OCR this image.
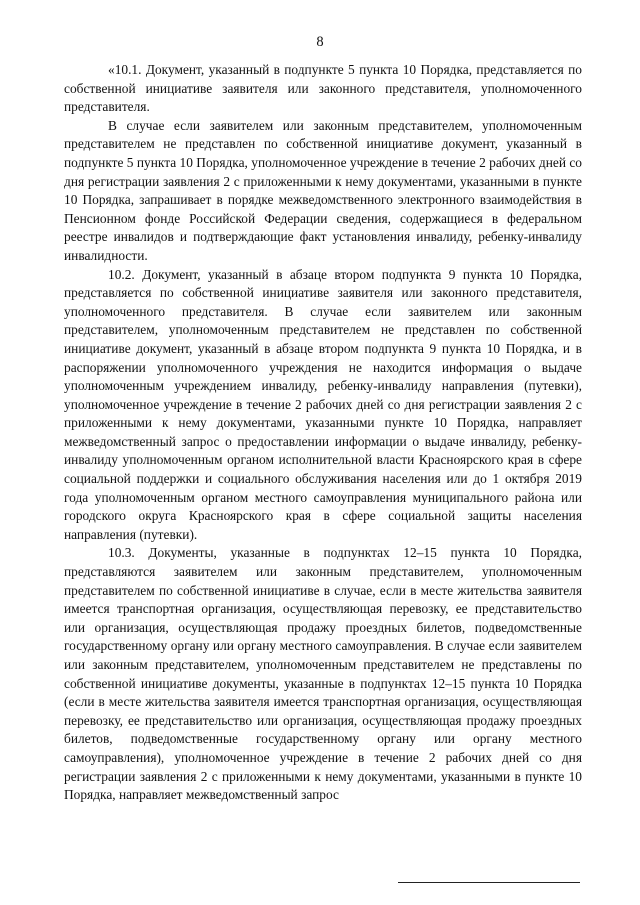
8

«10.1. Документ, указанный в подпункте 5 пункта 10 Порядка, представляется по собственной инициативе заявителя или законного представителя, уполномоченного представителя.

В случае если заявителем или законным представителем, уполномоченным представителем не представлен по собственной инициативе документ, указанный в подпункте 5 пункта 10 Порядка, уполномоченное учреждение в течение 2 рабочих дней со дня регистрации заявления 2 с приложенными к нему документами, указанными в пункте 10 Порядка, запрашивает в порядке межведомственного электронного взаимодействия в Пенсионном фонде Российской Федерации сведения, содержащиеся в федеральном реестре инвалидов и подтверждающие факт установления инвалиду, ребенку-инвалиду инвалидности.

10.2. Документ, указанный в абзаце втором подпункта 9 пункта 10 Порядка, представляется по собственной инициативе заявителя или законного представителя, уполномоченного представителя. В случае если заявителем или законным представителем, уполномоченным представителем не представлен по собственной инициативе документ, указанный в абзаце втором подпункта 9 пункта 10 Порядка, и в распоряжении уполномоченного учреждения не находится информация о выдаче уполномоченным учреждением инвалиду, ребенку-инвалиду направления (путевки), уполномоченное учреждение в течение 2 рабочих дней со дня регистрации заявления 2 с приложенными к нему документами, указанными пункте 10 Порядка, направляет межведомственный запрос о предоставлении информации о выдаче инвалиду, ребенку-инвалиду уполномоченным органом исполнительной власти Красноярского края в сфере социальной поддержки и социального обслуживания населения или до 1 октября 2019 года уполномоченным органом местного самоуправления муниципального района или городского округа Красноярского края в сфере социальной защиты населения направления (путевки).

10.3. Документы, указанные в подпунктах 12–15 пункта 10 Порядка, представляются заявителем или законным представителем, уполномоченным представителем по собственной инициативе в случае, если в месте жительства заявителя имеется транспортная организация, осуществляющая перевозку, ее представительство или организация, осуществляющая продажу проездных билетов, подведомственные государственному органу или органу местного самоуправления. В случае если заявителем или законным представителем, уполномоченным представителем не представлены по собственной инициативе документы, указанные в подпунктах 12–15 пункта 10 Порядка (если в месте жительства заявителя имеется транспортная организация, осуществляющая перевозку, ее представительство или организация, осуществляющая продажу проездных билетов, подведомственные государственному органу или органу местного самоуправления), уполномоченное учреждение в течение 2 рабочих дней со дня регистрации заявления 2 с приложенными к нему документами, указанными в пункте 10 Порядка, направляет межведомственный запрос
